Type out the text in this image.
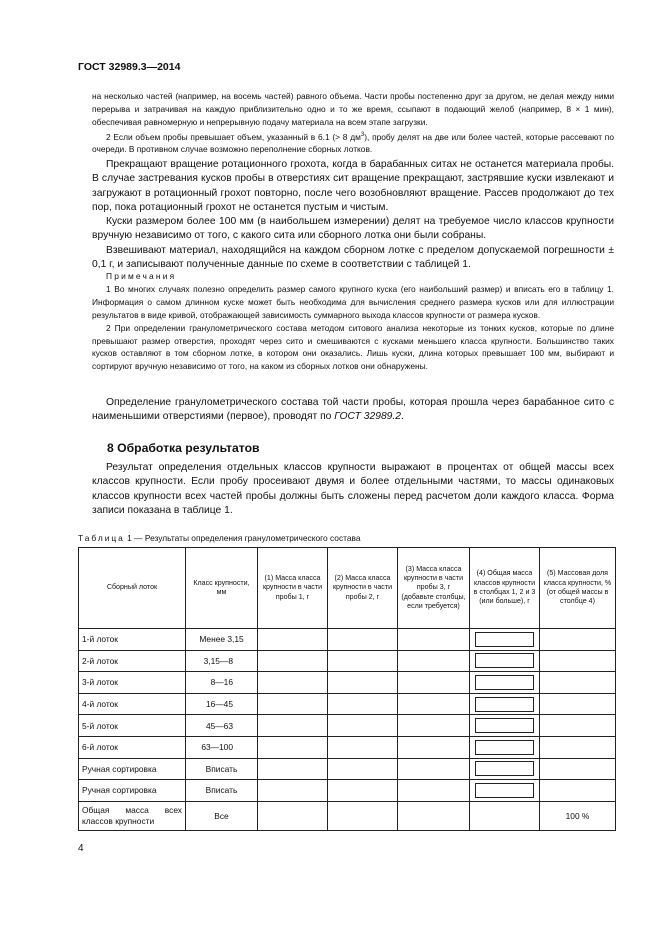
ГОСТ 32989.3—2014

на несколько частей (например, на восемь частей) равного объема. Части пробы постепенно друг за другом, не делая между ними перерыва и затрачивая на каждую приблизительно одно и то же время, ссыпают в подающий желоб (например, 8 × 1 мин), обеспечивая равномерную и непрерывную подачу материала на всем этапе загрузки.

2 Если объем пробы превышает объем, указанный в 6.1 (> 8 $дм^3$), пробу делят на две или более частей, которые рассевают по очереди. В противном случае возможно переполнение сборных лотков.

Прекращают вращение ротационного грохота, когда в барабанных ситах не останется материала пробы. В случае застревания кусков пробы в отверстиях сит вращение прекращают, застрявшие куски извлекают и загружают в ротационный грохот повторно, после чего возобновляют вращение. Рассев продолжают до тех пор, пока ротационный грохот не останется пустым и чистым.

Куски размером более 100 мм (в наибольшем измерении) делят на требуемое число классов крупности вручную независимо от того, с какого сита или сборного лотка они были собраны.

Взвешивают материал, находящийся на каждом сборном лотке с пределом допускаемой погрешности ± 0,1 г, и записывают полученные данные по схеме в соответствии с таблицей 1.

Примечания

1 Во многих случаях полезно определить размер самого крупного куска (его наибольший размер) и вписать его в таблицу 1. Информация о самом длинном куске может быть необходима для вычисления среднего размера кусков или для иллюстрации результатов в виде кривой, отображающей зависимость суммарного выхода классов крупности от размера кусков.

2 При определении гранулометрического состава методом ситового анализа некоторые из тонких кусков, которые по длине превышают размер отверстия, проходят через сито и смешиваются с кусками меньшего класса крупности. Большинство таких кусков оставляют в том сборном лотке, в котором они оказались. Лишь куски, длина которых превышает 100 мм, выбирают и сортируют вручную независимо от того, на каком из сборных лотков они обнаружены.

Определение гранулометрического состава той части пробы, которая прошла через барабанное сито с наименьшими отверстиями (первое), проводят по ГОСТ 32989.2.

8 Обработка результатов

Результат определения отдельных классов крупности выражают в процентах от общей массы всех классов крупности. Если пробу просеивают двумя и более отдельными частями, то массы одинаковых классов крупности всех частей пробы должны быть сложены перед расчетом доли каждого класса. Форма записи показана в таблице 1.

Таблица 1 — Результаты определения гранулометрического состава
Сборный лоток	Класс крупности, мм	(1) Масса класса крупности в части пробы 1, г	(2) Масса класса крупности в части пробы 2, г	(3) Масса класса крупности в части пробы 3, г (добавьте столбцы, если требуется)	(4) Общая масса классов крупности в столбцах 1, 2 и 3 (или больше), г	(5) Массовая доля класса крупности, % (от общей массы в столбце 4)
1-й лоток	Менее 3,15				

2-й лоток	3,15—8				

3-й лоток	8—16				

4-й лоток	16—45				

5-й лоток	45—63				

6-й лоток	63—100				

Ручная сортировка	Вписать				

Ручная сортировка	Вписать				

Общая масса всех классов крупности	Все					100 %
4
